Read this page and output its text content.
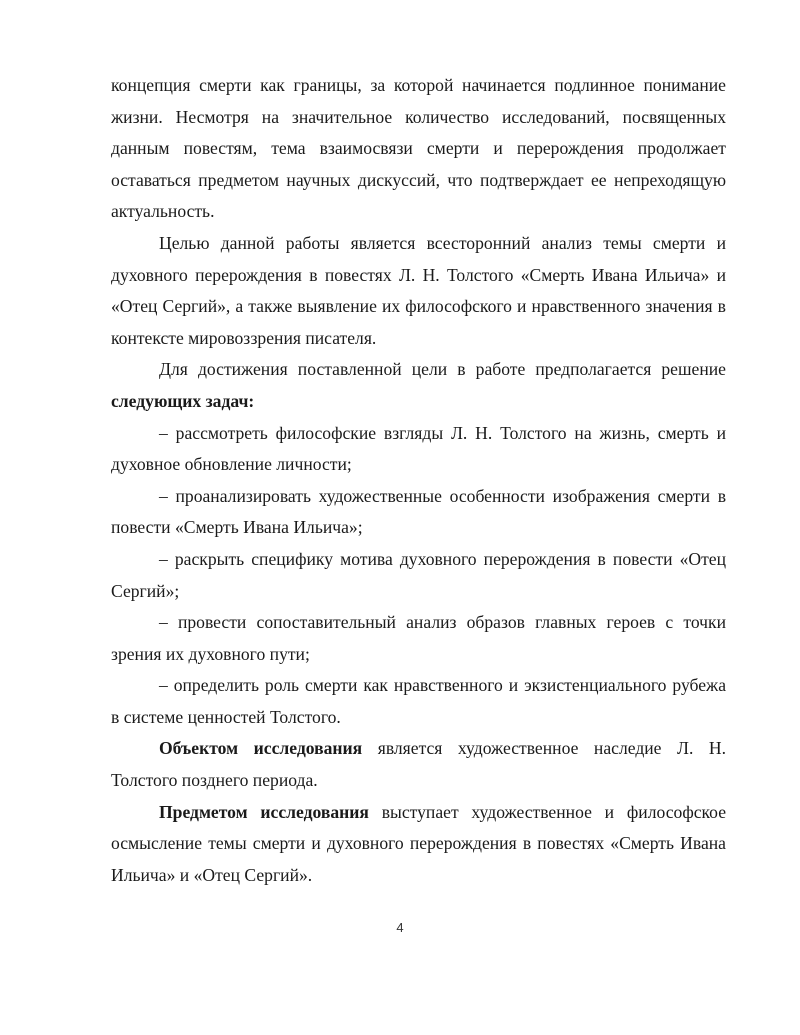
концепция смерти как границы, за которой начинается подлинное понимание жизни. Несмотря на значительное количество исследований, посвященных данным повестям, тема взаимосвязи смерти и перерождения продолжает оставаться предметом научных дискуссий, что подтверждает ее непреходящую актуальность.

Целью данной работы является всесторонний анализ темы смерти и духовного перерождения в повестях Л. Н. Толстого «Смерть Ивана Ильича» и «Отец Сергий», а также выявление их философского и нравственного значения в контексте мировоззрения писателя.

Для достижения поставленной цели в работе предполагается решение следующих задач:

– рассмотреть философские взгляды Л. Н. Толстого на жизнь, смерть и духовное обновление личности;

– проанализировать художественные особенности изображения смерти в повести «Смерть Ивана Ильича»;

– раскрыть специфику мотива духовного перерождения в повести «Отец Сергий»;

– провести сопоставительный анализ образов главных героев с точки зрения их духовного пути;

– определить роль смерти как нравственного и экзистенциального рубежа в системе ценностей Толстого.

Объектом исследования является художественное наследие Л. Н. Толстого позднего периода.

Предметом исследования выступает художественное и философское осмысление темы смерти и духовного перерождения в повестях «Смерть Ивана Ильича» и «Отец Сергий».

4
